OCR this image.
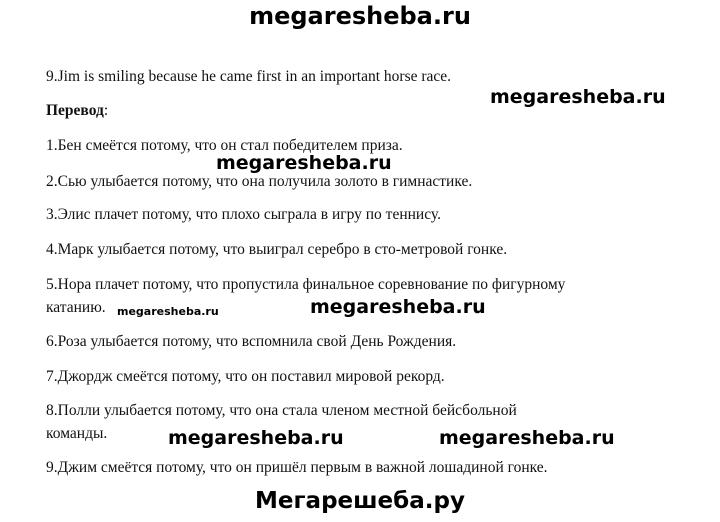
megaresheba.ru
9.Jim is smiling because he came first in an important horse race.
megaresheba.ru
Перевод:
1.Бен смеётся потому, что он стал победителем приза.
megaresheba.ru
2.Сью улыбается потому, что она получила золото в гимнастике.
3.Элис плачет потому, что плохо сыграла в игру по теннису.
4.Марк улыбается потому, что выиграл серебро в сто-метровой гонке.
5.Нора плачет потому, что пропустила финальное соревнование по фигурному
катанию. megaresheba.ru	megaresheba.ru
6.Роза улыбается потому, что вспомнила свой День Рождения.
7.Джордж смеётся потому, что он поставил мировой рекорд.
8.Полли улыбается потому, что она стала членом местной бейсбольной
команды.	megaresheba.ru	megaresheba.ru
9.Джим смеётся потому, что он пришёл первым в важной лошадиной гонке.
Мегарешеба.ру
